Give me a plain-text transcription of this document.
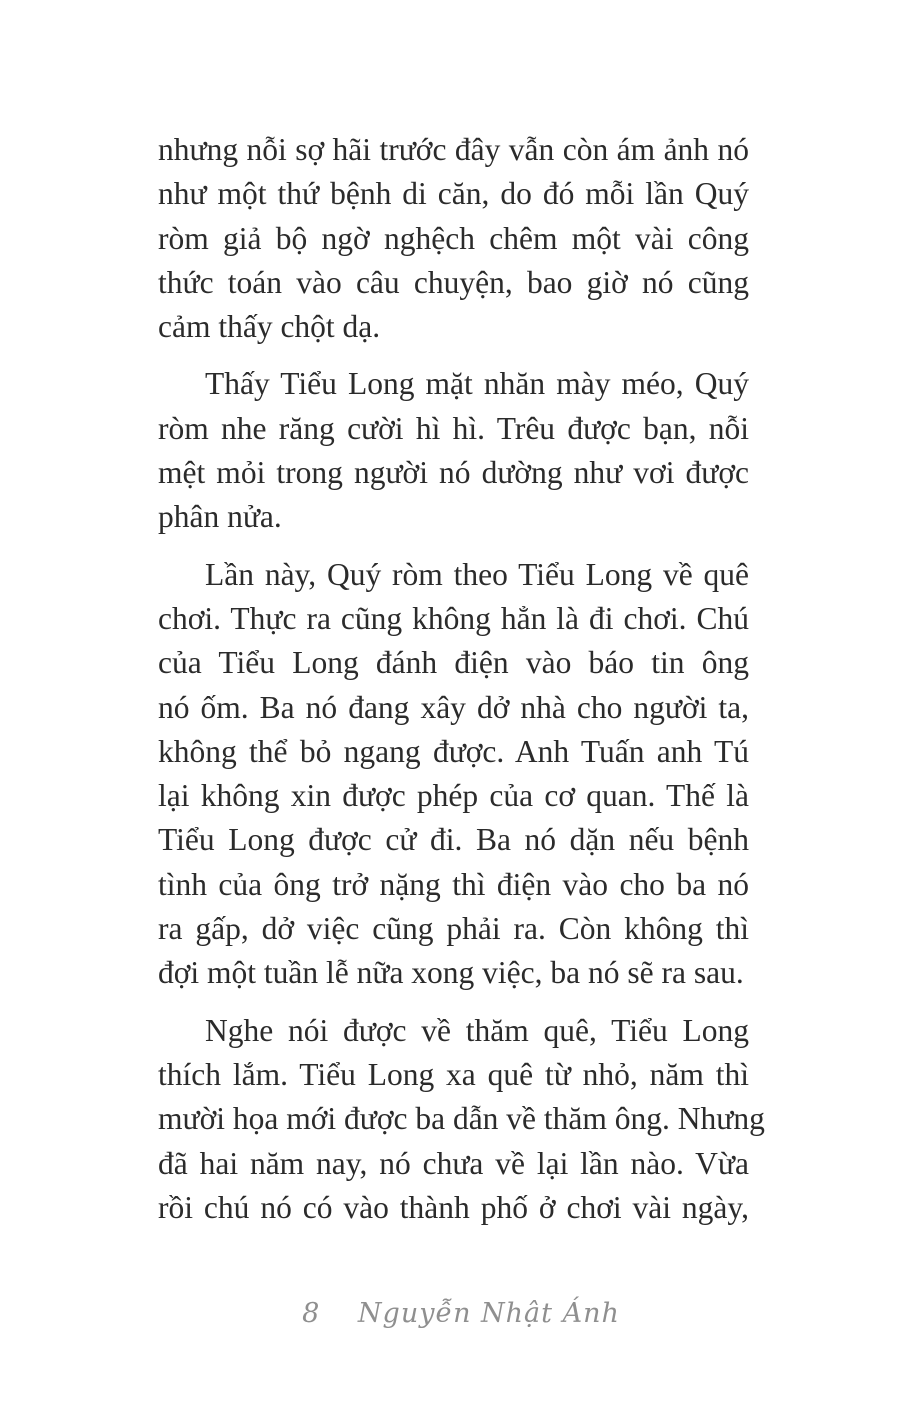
nhưng nỗi sợ hãi trước đây vẫn còn ám ảnh nó
như một thứ bệnh di căn, do đó mỗi lần Quý
ròm giả bộ ngờ nghệch chêm một vài công
thức toán vào câu chuyện, bao giờ nó cũng
cảm thấy chột dạ.
Thấy Tiểu Long mặt nhăn mày méo, Quý
ròm nhe răng cười hì hì. Trêu được bạn, nỗi
mệt mỏi trong người nó dường như vơi được
phân nửa.
Lần này, Quý ròm theo Tiểu Long về quê
chơi. Thực ra cũng không hẳn là đi chơi. Chú
của Tiểu Long đánh điện vào báo tin ông
nó ốm. Ba nó đang xây dở nhà cho người ta,
không thể bỏ ngang được. Anh Tuấn anh Tú
lại không xin được phép của cơ quan. Thế là
Tiểu Long được cử đi. Ba nó dặn nếu bệnh
tình của ông trở nặng thì điện vào cho ba nó
ra gấp, dở việc cũng phải ra. Còn không thì
đợi một tuần lễ nữa xong việc, ba nó sẽ ra sau.
Nghe nói được về thăm quê, Tiểu Long
thích lắm. Tiểu Long xa quê từ nhỏ, năm thì
mười họa mới được ba dẫn về thăm ông. Nhưng
đã hai năm nay, nó chưa về lại lần nào. Vừa
rồi chú nó có vào thành phố ở chơi vài ngày,
8 Nguyễn Nhật Ánh
